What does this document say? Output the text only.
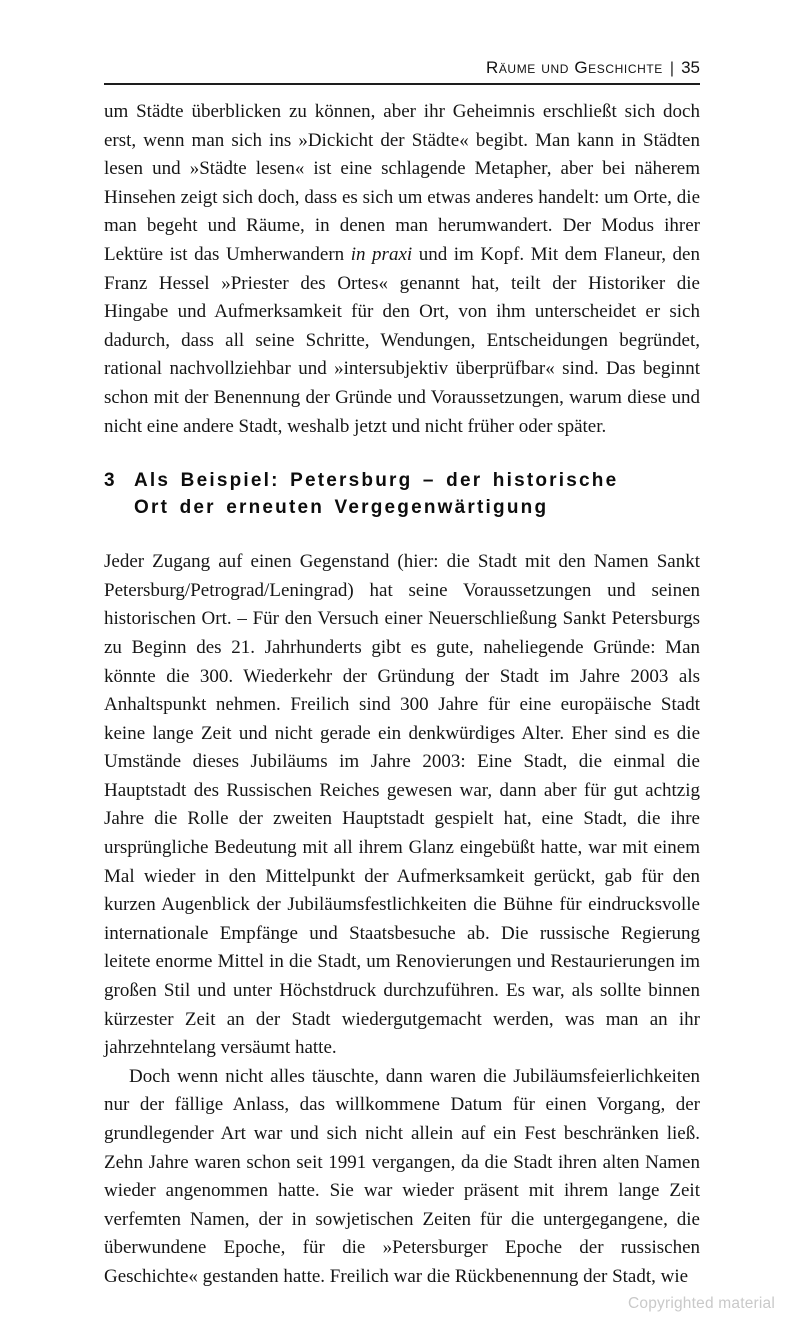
Räume und Geschichte | 35

um Städte überblicken zu können, aber ihr Geheimnis erschließt sich doch erst, wenn man sich ins »Dickicht der Städte« begibt. Man kann in Städten lesen und »Städte lesen« ist eine schlagende Metapher, aber bei näherem Hinsehen zeigt sich doch, dass es sich um etwas anderes handelt: um Orte, die man begeht und Räume, in denen man herumwandert. Der Modus ihrer Lektüre ist das Umherwandern in praxi und im Kopf. Mit dem Flaneur, den Franz Hessel »Priester des Ortes« genannt hat, teilt der Historiker die Hingabe und Aufmerksamkeit für den Ort, von ihm unterscheidet er sich dadurch, dass all seine Schritte, Wendungen, Entscheidungen begründet, rational nachvollziehbar und »intersubjektiv überprüfbar« sind. Das beginnt schon mit der Benennung der Gründe und Voraussetzungen, warum diese und nicht eine andere Stadt, weshalb jetzt und nicht früher oder später.

3 Als Beispiel: Petersburg – der historische
Ort der erneuten Vergegenwärtigung

Jeder Zugang auf einen Gegenstand (hier: die Stadt mit den Namen Sankt Petersburg/Petrograd/Leningrad) hat seine Voraussetzungen und seinen historischen Ort. – Für den Versuch einer Neuerschließung Sankt Petersburgs zu Beginn des 21. Jahrhunderts gibt es gute, naheliegende Gründe: Man könnte die 300. Wiederkehr der Gründung der Stadt im Jahre 2003 als Anhaltspunkt nehmen. Freilich sind 300 Jahre für eine europäische Stadt keine lange Zeit und nicht gerade ein denkwürdiges Alter. Eher sind es die Umstände dieses Jubiläums im Jahre 2003: Eine Stadt, die einmal die Hauptstadt des Russischen Reiches gewesen war, dann aber für gut achtzig Jahre die Rolle der zweiten Hauptstadt gespielt hat, eine Stadt, die ihre ursprüngliche Bedeutung mit all ihrem Glanz eingebüßt hatte, war mit einem Mal wieder in den Mittelpunkt der Aufmerksamkeit gerückt, gab für den kurzen Augenblick der Jubiläumsfestlichkeiten die Bühne für eindrucksvolle internationale Empfänge und Staatsbesuche ab. Die russische Regierung leitete enorme Mittel in die Stadt, um Renovierungen und Restaurierungen im großen Stil und unter Höchstdruck durchzuführen. Es war, als sollte binnen kürzester Zeit an der Stadt wiedergutgemacht werden, was man an ihr jahrzehntelang versäumt hatte.

Doch wenn nicht alles täuschte, dann waren die Jubiläumsfeierlichkeiten nur der fällige Anlass, das willkommene Datum für einen Vorgang, der grundlegender Art war und sich nicht allein auf ein Fest beschränken ließ. Zehn Jahre waren schon seit 1991 vergangen, da die Stadt ihren alten Namen wieder angenommen hatte. Sie war wieder präsent mit ihrem lange Zeit verfemten Namen, der in sowjetischen Zeiten für die untergegangene, die überwundene Epoche, für die »Petersburger Epoche der russischen Geschichte« gestanden hatte. Freilich war die Rückbenennung der Stadt, wie

Copyrighted material
